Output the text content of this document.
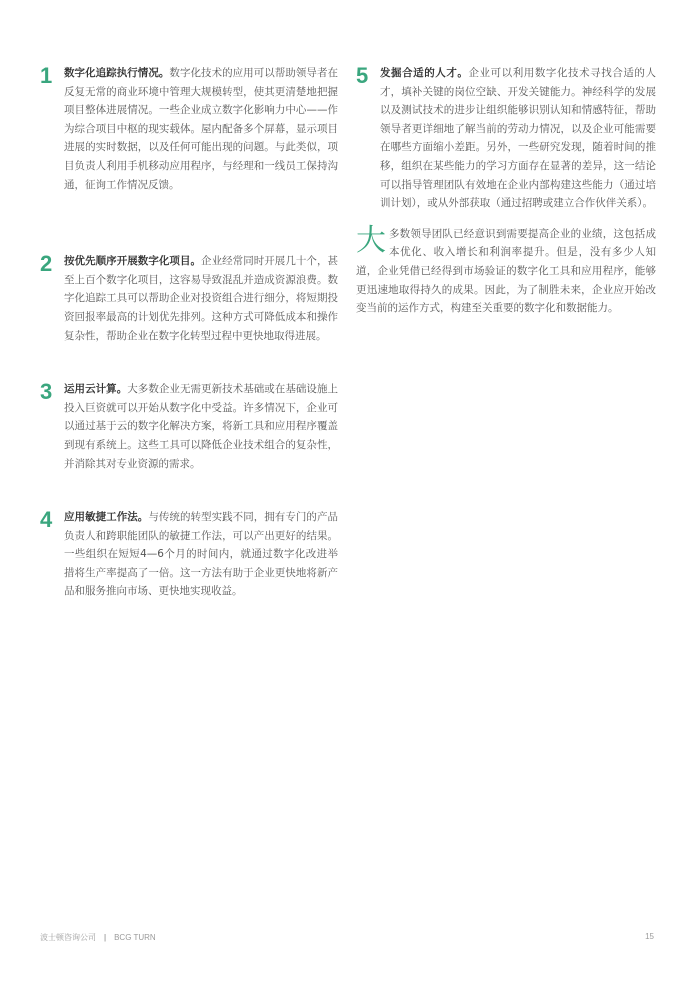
1	数字化追踪执行情况。数字化技术的应用可以帮助领导者在反复无常的商业环境中管理大规模转型，使其更清楚地把握项目整体进展情况。一些企业成立数字化影响力中心——作为综合项目中枢的现实载体。屋内配备多个屏幕，显示项目进展的实时数据，以及任何可能出现的问题。与此类似，项目负责人利用手机移动应用程序，与经理和一线员工保持沟通，征询工作情况反馈。
2	按优先顺序开展数字化项目。企业经常同时开展几十个，甚至上百个数字化项目，这容易导致混乱并造成资源浪费。数字化追踪工具可以帮助企业对投资组合进行细分，将短期投资回报率最高的计划优先排列。这种方式可降低成本和操作复杂性，帮助企业在数字化转型过程中更快地取得进展。
3	运用云计算。大多数企业无需更新技术基础或在基础设施上投入巨资就可以开始从数字化中受益。许多情况下，企业可以通过基于云的数字化解决方案，将新工具和应用程序覆盖到现有系统上。这些工具可以降低企业技术组合的复杂性，并消除其对专业资源的需求。
4	应用敏捷工作法。与传统的转型实践不同，拥有专门的产品负责人和跨职能团队的敏捷工作法，可以产出更好的结果。一些组织在短短4—6个月的时间内，就通过数字化改进举措将生产率提高了一倍。这一方法有助于企业更快地将新产品和服务推向市场、更快地实现收益。
5	发掘合适的人才。企业可以利用数字化技术寻找合适的人才，填补关键的岗位空缺、开发关键能力。神经科学的发展以及测试技术的进步让组织能够识别认知和情感特征，帮助领导者更详细地了解当前的劳动力情况，以及企业可能需要在哪些方面缩小差距。另外，一些研究发现，随着时间的推移，组织在某些能力的学习方面存在显著的差异，这一结论可以指导管理团队有效地在企业内部构建这些能力（通过培训计划），或从外部获取（通过招聘或建立合作伙伴关系）。
大多数领导团队已经意识到需要提高企业的业绩，这包括成本优化、收入增长和利润率提升。但是，没有多少人知道，企业凭借已经得到市场验证的数字化工具和应用程序，能够更迅速地取得持久的成果。因此，为了制胜未来，企业应开始改变当前的运作方式，构建至关重要的数字化和数据能力。
波士顿咨询公司 | BCG TURN	15
